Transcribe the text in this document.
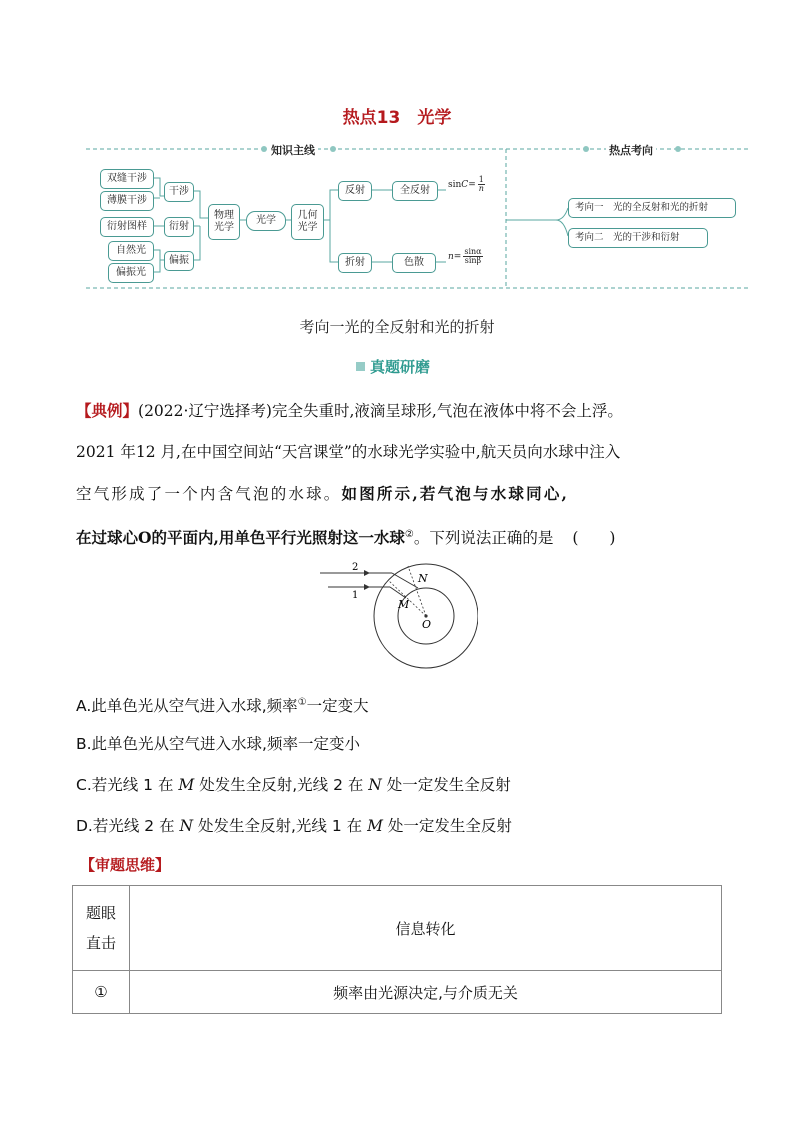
热点13　光学
知识主线	热点考向
双缝干涉
薄膜干涉
衍射图样
自然光
偏振光
干涉
衍射
偏振
物理
光学
光学	几何
光学
反射	全反射
折射	色散
$\sin C = \frac{1}{n}$
$n = \frac{\sin\alpha}{\sin\beta}$
考向一　光的全反射和光的折射
考向二　光的干涉和衍射
考向一光的全反射和光的折射
真题研磨
【典例】(2022·辽宁选择考)完全失重时,液滴呈球形,气泡在液体中将不会上浮。
2021 年12 月,在中国空间站“天宫课堂”的水球光学实验中,航天员向水球中注入
空气形成了一个内含气泡的水球。如图所示,若气泡与水球同心,
在过球心O的平面内,用单色平行光照射这一水球②。下列说法正确的是 (　　)
2
1
N
M
O
A.此单色光从空气进入水球,频率①一定变大
B.此单色光从空气进入水球,频率一定变小
C.若光线 1 在 M 处发生全反射,光线 2 在 N 处一定发生全反射
D.若光线 2 在 N 处发生全反射,光线 1 在 M 处一定发生全反射
【审题思维】
题眼
直击	信息转化
①	频率由光源决定,与介质无关
